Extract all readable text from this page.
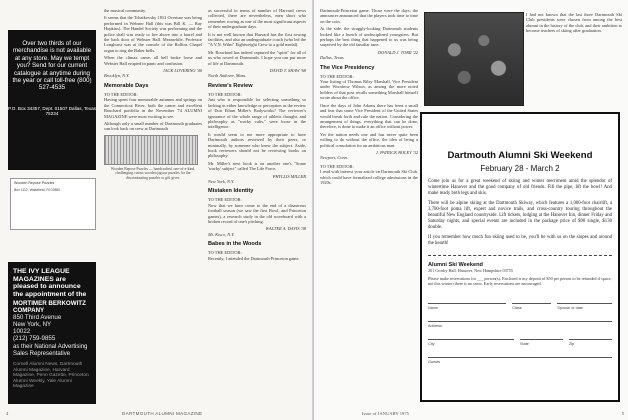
Over two thirds of our merchandise is not available at any store. May we tempt you? Send for our current catalogue at anytime during the year or call toll-free (800) 527-4535
P.O. Box 34357, Dept. 01507 Dallas, Texas 75234
Wooden Repose Puzzles
Box 1112, Wakefield, RI 02880
THE IVY LEAGUE MAGAZINES are pleased to announce the appointment of the
MORTIMER BERKOWITZ COMPANY
850 Third Avenue
New York, NY
10022
(212) 759-9855
as their National Advertising Sales Representative
Cornell Alumni News, Dartmouth Alumni Magazine, Harvard Magazine, Penn Gazette, Princeton Alumni Weekly, Yale Alumni Magazine

the musical community.

It seems that the Tchaikovsky 1812 Overture was being performed in Webster Hall (this was Bill K. — Ray Hopkins). The Handel Society was performing and the police shall was ready to fire above into a barrel and the back door of Webster Hall. Meanwhile, Professor Longhurst was at the console of the Rollins Chapel organ to ring the Baker bells.

When the climax came, all bell broke loose and Webster Hall erupted in panic and confusion.

JACK LOVERING '40
Brooklyn, N.Y.
Memorable Days
TO THE EDITOR:

Having spent four memorable autumns and springs on the Connecticut River, both the canoe and excellent Bouchard portfolio in the November '74 ALUMNI MAGAZINE were most exciting to see.

Although only a small number of Dartmouth graduates can look back on crew at Dartmouth

Wooden Repose Puzzles — handcrafted, one-of-a-kind, challenging cutout wooden jigsaw puzzles for the discriminating puzzler or gift giver.

as successful in terms of number of Harvard crews collected, there are nevertheless, men short who remember rowing as one of the most significant aspects of their undergraduate days.

It is not well known that Harvard has the first rowing facilities, and also an undergraduate coach (who led the "A V.N. Wilm" Eightweight Crew to a gold medal).

Mr. Bouchard has indeed captured the "spirit" for all of us who rowed at Dartmouth. I hope you can put more of life at Dartmouth.

DAVID T. SHAW '68
North Andover, Mass.
Review's Review
TO THE EDITOR:

Just who is responsible for selecting something so lacking in either knowledge or perception as the review of Don Ethan Miller's Bodyworks? The reviewer's ignorance of the whole range of athletic thought, and philosophy as "wacky cults," were loose in the intelligence.

It would seem to me more appropriate to have Dartmouth authors reviewed by their peers, or minimally, by someone who knew the subject. Aside, book reviewers should not be reviewing books on philosophy.

Mr. Miller's next book is on another one's "Some 'wacky' subject" called The Life Force.

PHYLLIS MILLER
New York, N.Y.
Mistaken Identity
TO THE EDITOR:

Now that we have come to the end of a disastrous football season (we saw the first Bowl, and Princeton games), a research study in the old scoreboard with a broken record of one's pitching.

WALTER A. DAVIS '38
Mt. Kisco, N.Y.
Babes in the Woods
TO THE EDITOR:

Recently, I attended the Dartmouth-Princeton game.

4	DARTMOUTH ALUMNI MAGAZINE

Dartmouth-Princeton game. Those were the days; the announcer announced that the players took time to time on the coin.

At the side, the straggly-looking Dartmouth students looked like a bunch of undisciplined youngsters. But perhaps the best thing that happened to us was being surprised by the old familiar tune.

DONALD J. TORR '22
Dallas, Texas
The Vice Presidency
TO THE EDITOR:

Your listing of Thomas Riley Marshall, Vice President under Woodrow Wilson, as among the more noted holders of that post recalls something Marshall himself wrote about the office.

Once the days of John Adams there has been a small and fear that some Vice President of the United States would break forth and rule the nation. Considering the arrangement of things, everything that can be done, therefore, is done to make it an office without power.

Yet the nation needs one and has never quite been willing to do without the office, the idea of being a political consolation for an ambitious man.

J. PATRICK BOLEY '32
Newport, Conn.
TO THE EDITOR:

I read with interest your article on Dartmouth Ski Club, which could have formalized college admissions in the 1920s.

I had not known that the last three Dartmouth Ski Club presidents were chosen from among the best alumni in the history of the club, and their ambition to become teachers of skiing after graduation.

Dartmouth Alumni Ski Weekend
February 28 - March 2

Come join us for a great weekend of skiing and winter merriment amid the splendor of wintertime Hanover and the good company of old friends. Fill the pipe, lift the bowl! And make ready both legs and skis.

There will be alpine skiing at the Dartmouth Skiway, which features a 1,000-foot chairlift, a 3,700-foot poma lift, expert and novice trails, and cross-country touring throughout the beautiful New England countryside. Lift tickets, lodging at the Hanover Inn, dinner Friday and Saturday nights, and special events are included in the package price of $90 single, $130 double.

If you remember how much fun skiing used to be, you'll be with us on the slopes and around the hearth!

Alumni Ski Weekend
201 Crosby Hall, Hanover, New Hampshire 03755

Please make reservations for ___ person(s). Enclosed is my deposit of $50 per person to be refunded if space, not this winter) there is no snow. Early reservations are encouraged.

Name	Class	Spouse or date
Address
City	State	Zip
Guests
Issue of JANUARY 1975	5
